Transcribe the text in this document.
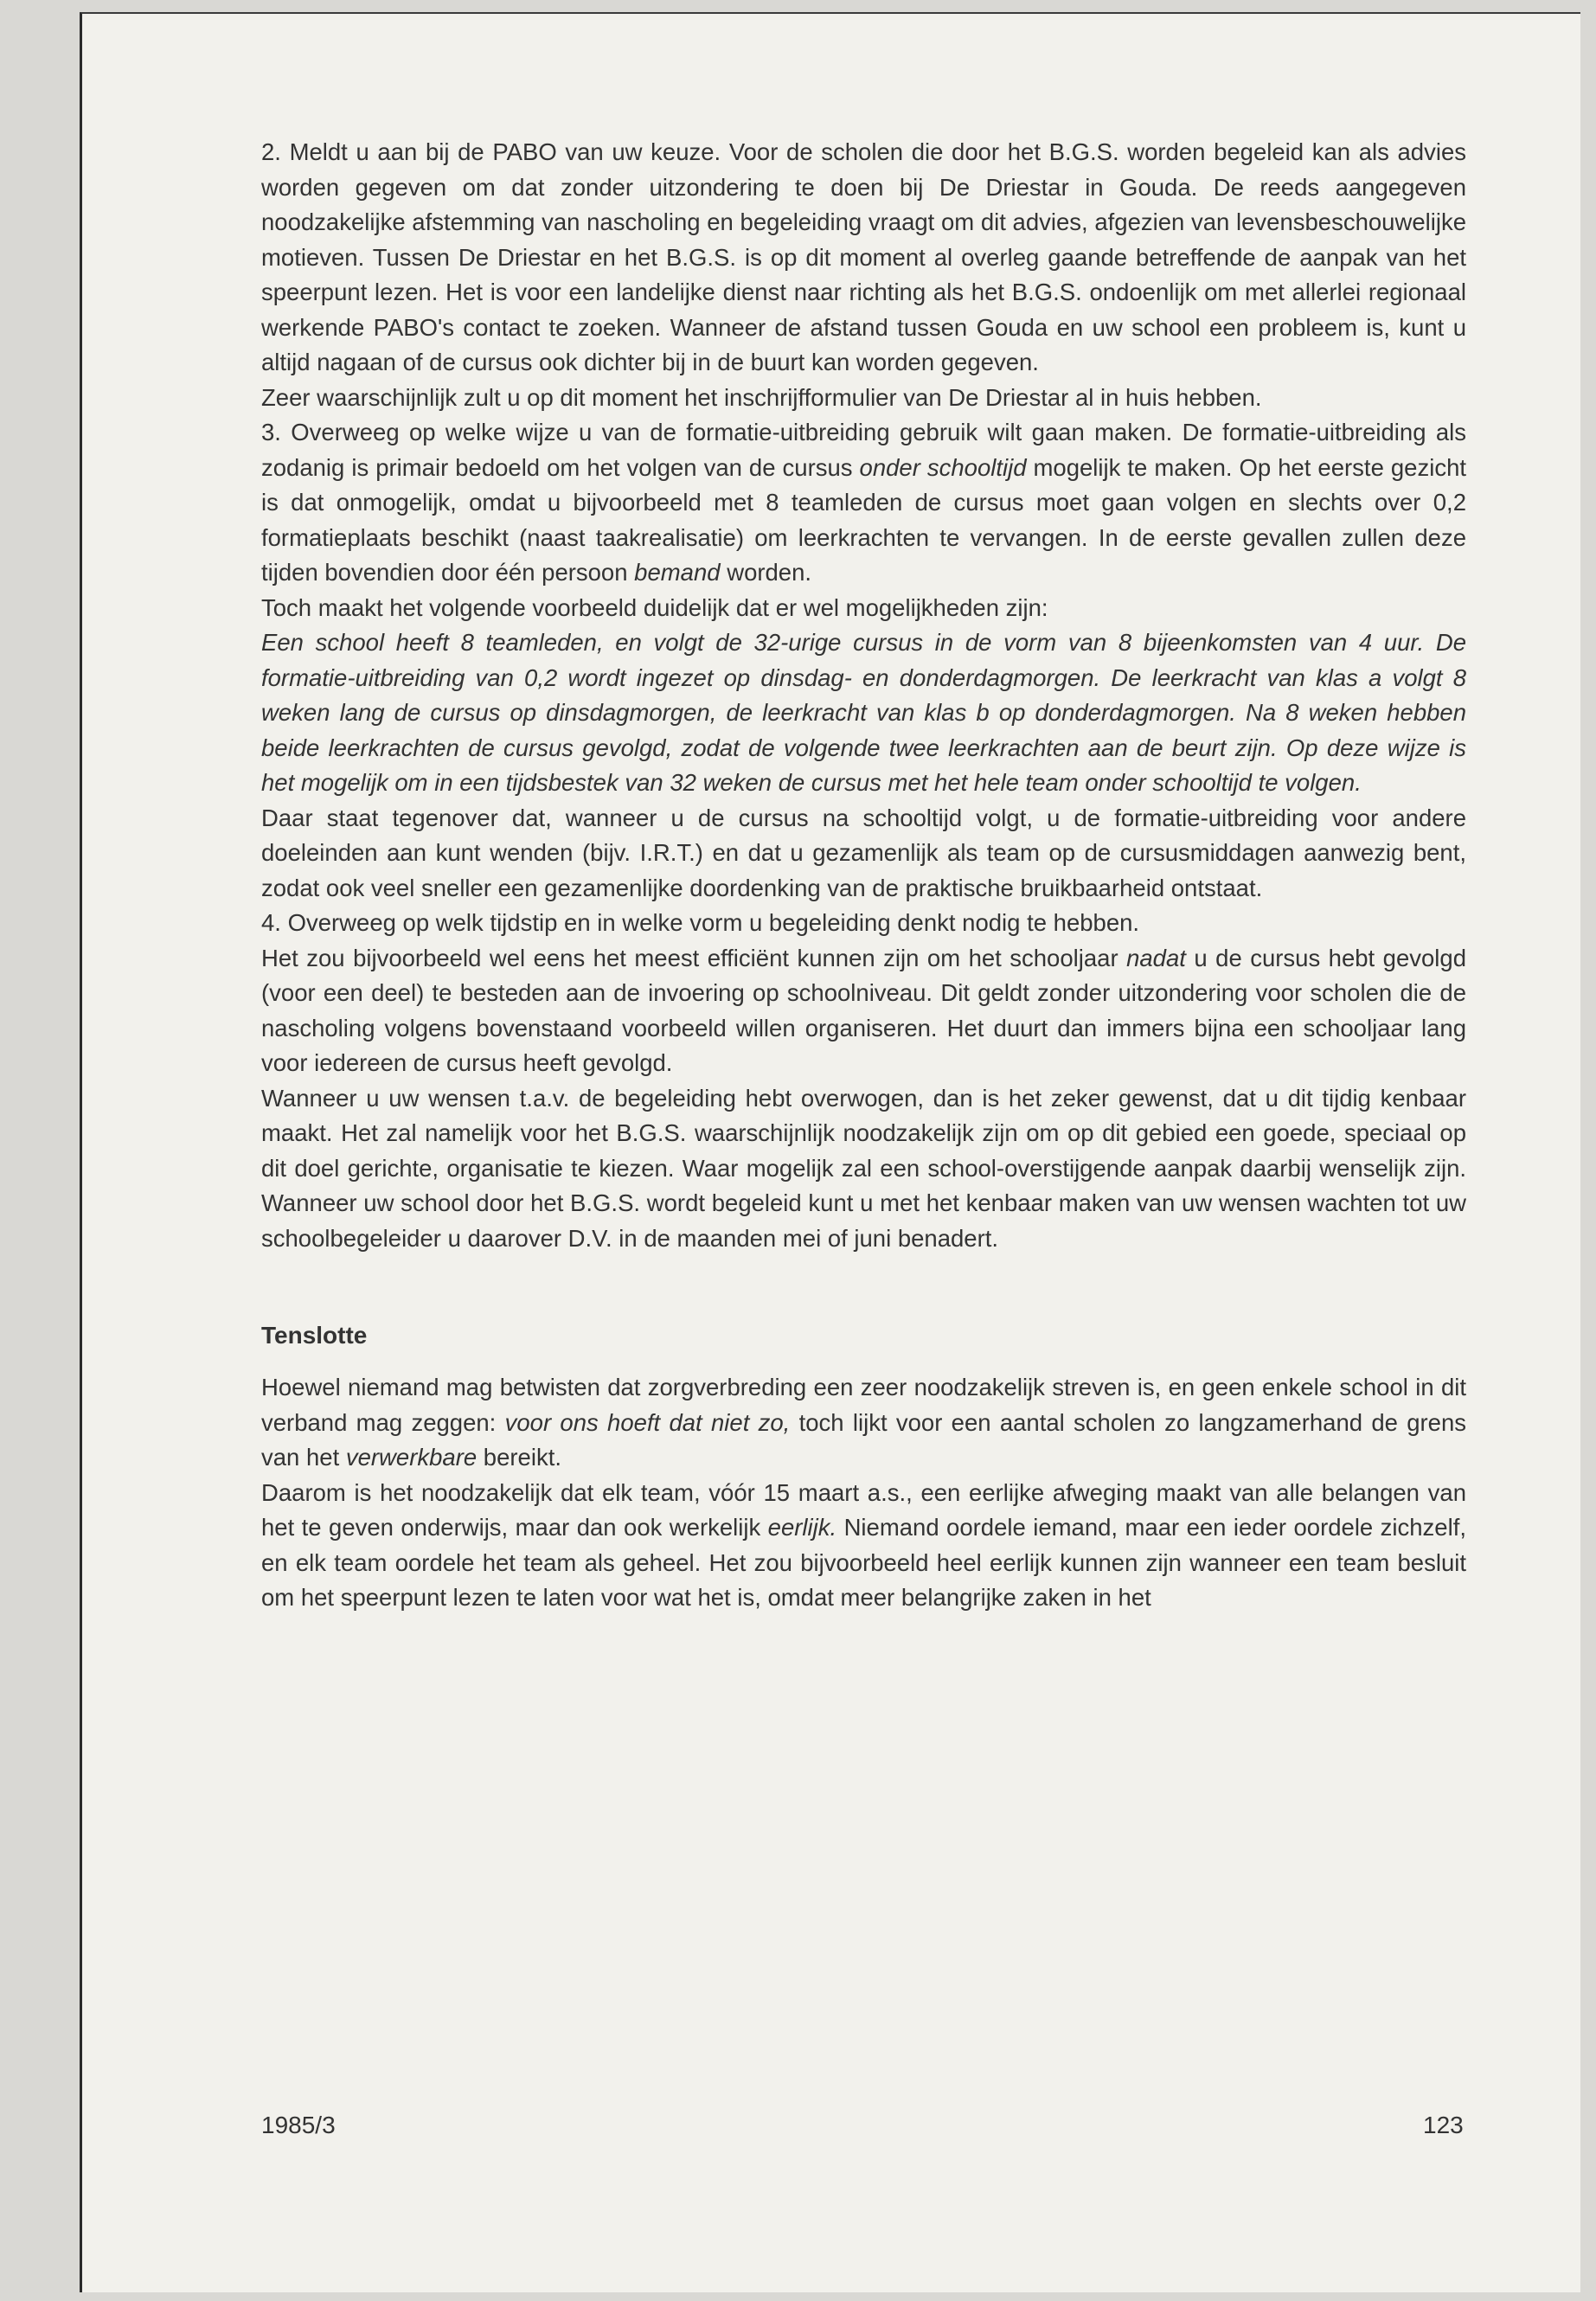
2. Meldt u aan bij de PABO van uw keuze. Voor de scholen die door het B.G.S. worden begeleid kan als advies worden gegeven om dat zonder uitzondering te doen bij De Driestar in Gouda. De reeds aangegeven noodzakelijke afstemming van nascholing en begeleiding vraagt om dit advies, afgezien van levensbeschouwelijke motieven. Tussen De Driestar en het B.G.S. is op dit moment al overleg gaande betreffende de aanpak van het speerpunt lezen. Het is voor een landelijke dienst naar richting als het B.G.S. ondoenlijk om met allerlei regionaal werkende PABO's contact te zoeken. Wanneer de afstand tussen Gouda en uw school een probleem is, kunt u altijd nagaan of de cursus ook dichter bij in de buurt kan worden gegeven.

Zeer waarschijnlijk zult u op dit moment het inschrijfformulier van De Driestar al in huis hebben.

3. Overweeg op welke wijze u van de formatie-uitbreiding gebruik wilt gaan maken. De formatie-uitbreiding als zodanig is primair bedoeld om het volgen van de cursus onder schooltijd mogelijk te maken. Op het eerste gezicht is dat onmogelijk, omdat u bijvoorbeeld met 8 teamleden de cursus moet gaan volgen en slechts over 0,2 formatieplaats beschikt (naast taakrealisatie) om leerkrachten te vervangen. In de eerste gevallen zullen deze tijden bovendien door één persoon bemand worden.

Toch maakt het volgende voorbeeld duidelijk dat er wel mogelijkheden zijn:

Een school heeft 8 teamleden, en volgt de 32-urige cursus in de vorm van 8 bijeenkomsten van 4 uur. De formatie-uitbreiding van 0,2 wordt ingezet op dinsdag- en donderdagmorgen. De leerkracht van klas a volgt 8 weken lang de cursus op dinsdagmorgen, de leerkracht van klas b op donderdagmorgen. Na 8 weken hebben beide leerkrachten de cursus gevolgd, zodat de volgende twee leerkrachten aan de beurt zijn. Op deze wijze is het mogelijk om in een tijdsbestek van 32 weken de cursus met het hele team onder schooltijd te volgen.

Daar staat tegenover dat, wanneer u de cursus na schooltijd volgt, u de formatie-uitbreiding voor andere doeleinden aan kunt wenden (bijv. I.R.T.) en dat u gezamenlijk als team op de cursusmiddagen aanwezig bent, zodat ook veel sneller een gezamenlijke doordenking van de praktische bruikbaarheid ontstaat.

4. Overweeg op welk tijdstip en in welke vorm u begeleiding denkt nodig te hebben.

Het zou bijvoorbeeld wel eens het meest efficiënt kunnen zijn om het schooljaar nadat u de cursus hebt gevolgd (voor een deel) te besteden aan de invoering op schoolniveau. Dit geldt zonder uitzondering voor scholen die de nascholing volgens bovenstaand voorbeeld willen organiseren. Het duurt dan immers bijna een schooljaar lang voor iedereen de cursus heeft gevolgd.

Wanneer u uw wensen t.a.v. de begeleiding hebt overwogen, dan is het zeker gewenst, dat u dit tijdig kenbaar maakt. Het zal namelijk voor het B.G.S. waarschijnlijk noodzakelijk zijn om op dit gebied een goede, speciaal op dit doel gerichte, organisatie te kiezen. Waar mogelijk zal een school-overstijgende aanpak daarbij wenselijk zijn. Wanneer uw school door het B.G.S. wordt begeleid kunt u met het kenbaar maken van uw wensen wachten tot uw schoolbegeleider u daarover D.V. in de maanden mei of juni benadert.

Tenslotte

Hoewel niemand mag betwisten dat zorgverbreding een zeer noodzakelijk streven is, en geen enkele school in dit verband mag zeggen: voor ons hoeft dat niet zo, toch lijkt voor een aantal scholen zo langzamerhand de grens van het verwerkbare bereikt.

Daarom is het noodzakelijk dat elk team, vóór 15 maart a.s., een eerlijke afweging maakt van alle belangen van het te geven onderwijs, maar dan ook werkelijk eerlijk. Niemand oordele iemand, maar een ieder oordele zichzelf, en elk team oordele het team als geheel. Het zou bijvoorbeeld heel eerlijk kunnen zijn wanneer een team besluit om het speerpunt lezen te laten voor wat het is, omdat meer belangrijke zaken in het

1985/3	123
